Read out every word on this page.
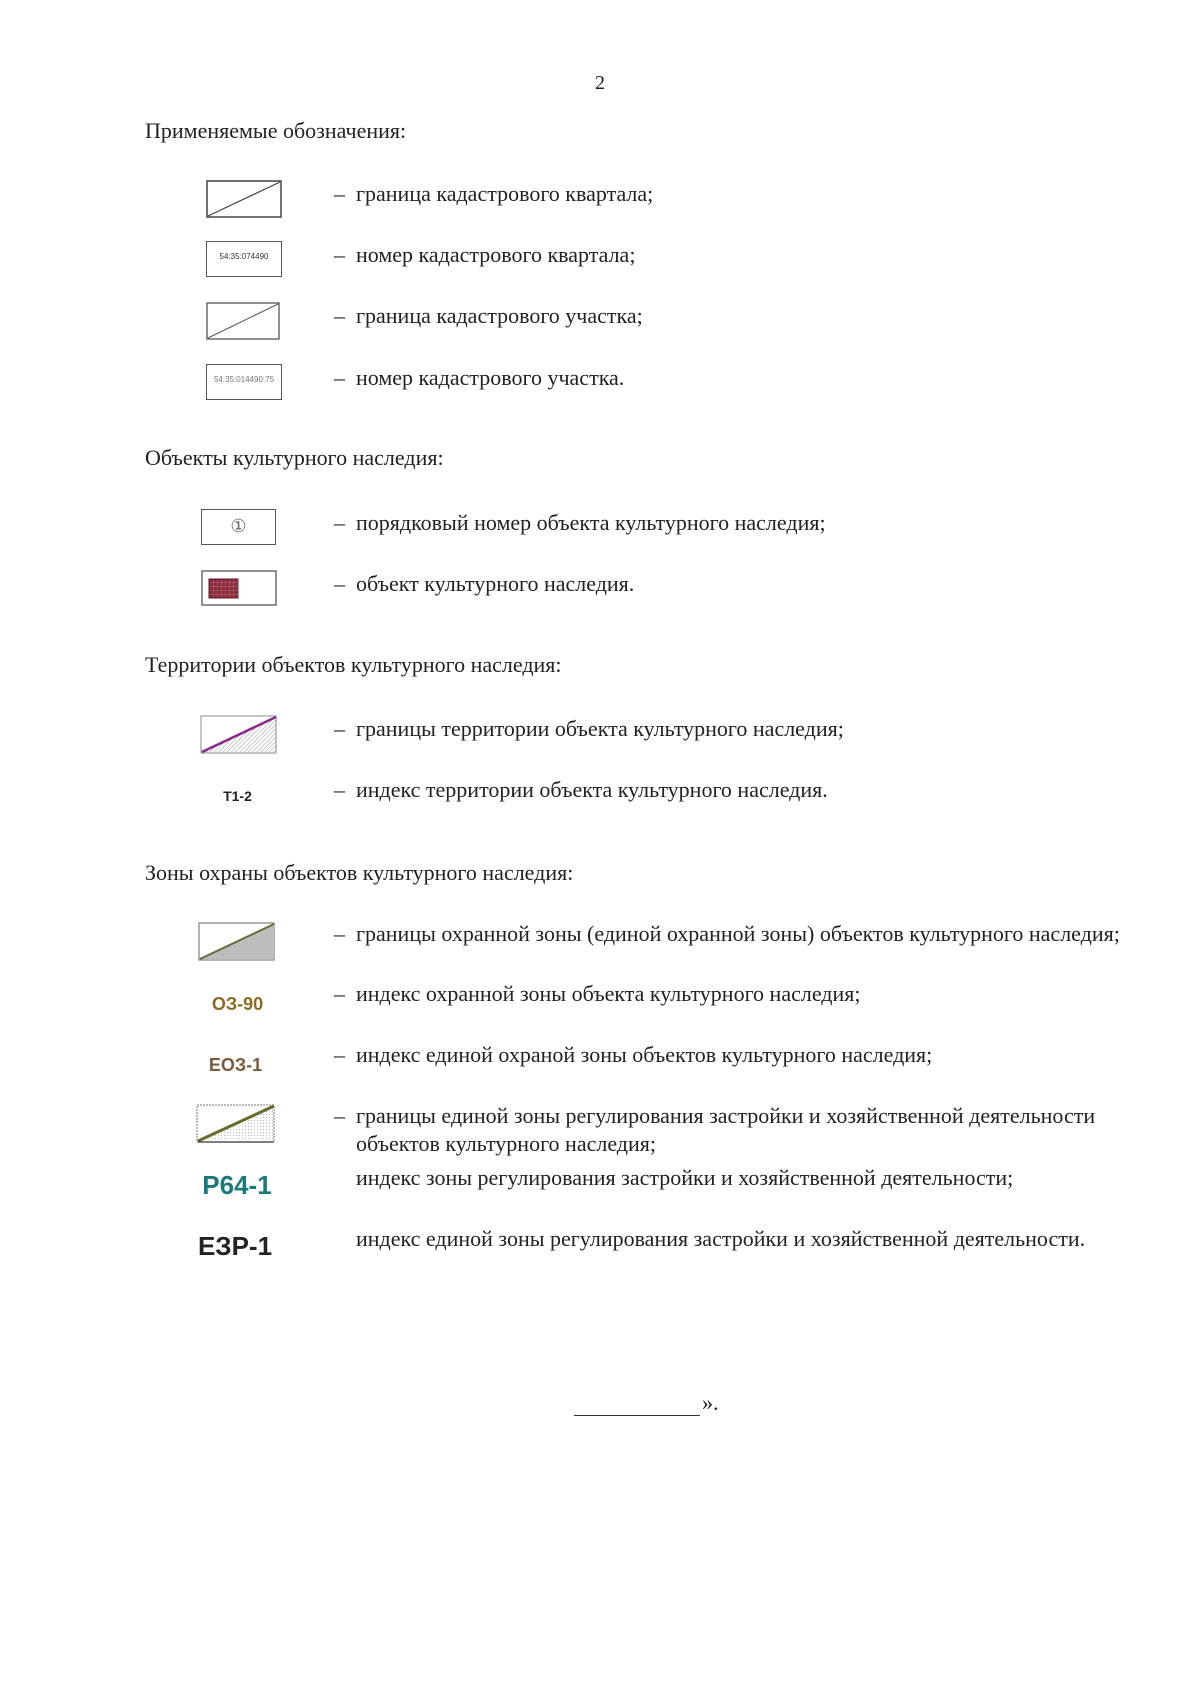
2
Применяемые обозначения:
– граница кадастрового квартала;
54:35:074490	– номер кадастрового квартала;
– граница кадастрового участка;
54:35:014490:75	– номер кадастрового участка.
Объекты культурного наследия:
①	– порядковый номер объекта культурного наследия;
– объект культурного наследия.
Территории объектов культурного наследия:
– границы территории объекта культурного наследия;
Т1-2	– индекс территории объекта культурного наследия.
Зоны охраны объектов культурного наследия:
– границы охранной зоны (единой охранной зоны) объектов культурного наследия;
ОЗ-90	– индекс охранной зоны объекта культурного наследия;
ЕОЗ-1	– индекс единой охраной зоны объектов культурного наследия;
– границы единой зоны регулирования застройки и хозяйственной деятельности объектов культурного наследия;
Р64-1	индекс зоны регулирования застройки и хозяйственной деятельности;
ЕЗР-1	индекс единой зоны регулирования застройки и хозяйственной деятельности.
».
